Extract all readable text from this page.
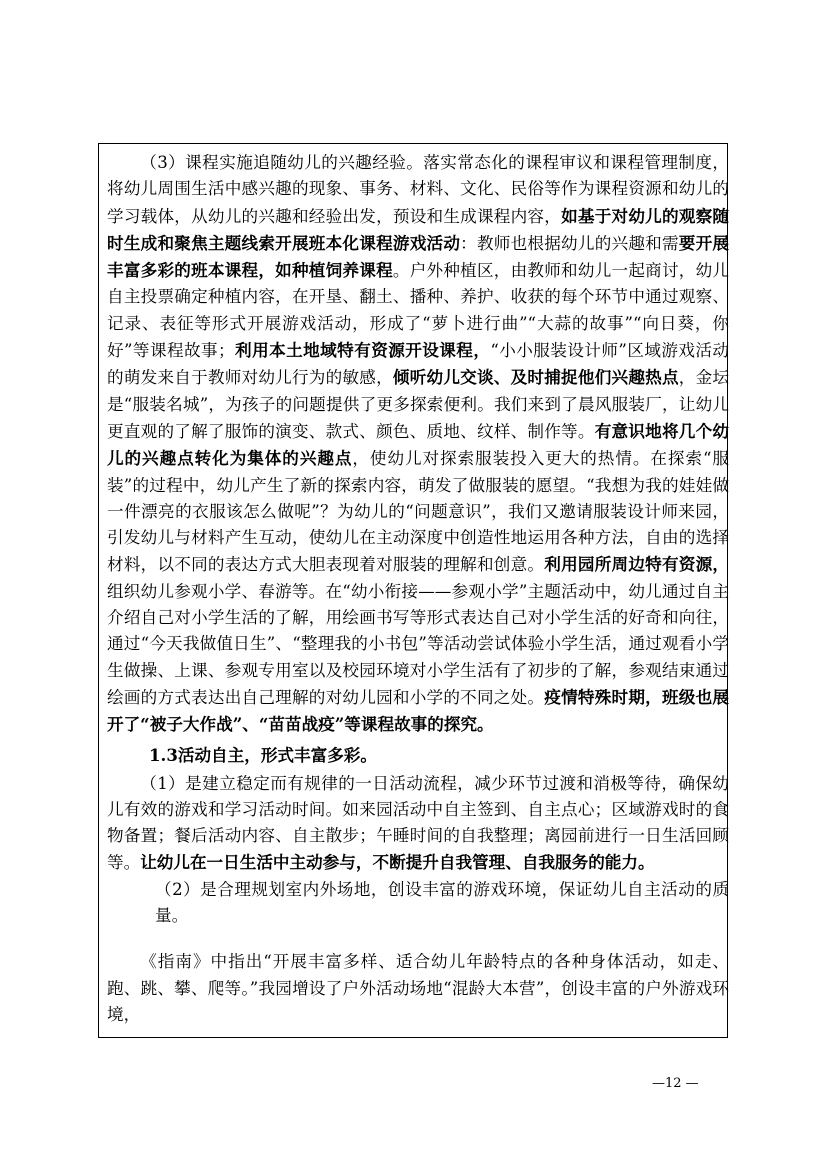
（3）课程实施追随幼儿的兴趣经验。落实常态化的课程审议和课程管理制度，将幼儿周围生活中感兴趣的现象、事务、材料、文化、民俗等作为课程资源和幼儿的学习载体，从幼儿的兴趣和经验出发，预设和生成课程内容，如基于对幼儿的观察随时生成和聚焦主题线索开展班本化课程游戏活动：教师也根据幼儿的兴趣和需要开展丰富多彩的班本课程，如种植饲养课程。户外种植区，由教师和幼儿一起商讨，幼儿自主投票确定种植内容，在开垦、翻土、播种、养护、收获的每个环节中通过观察、记录、表征等形式开展游戏活动，形成了“萝卜进行曲”“大蒜的故事”“向日葵，你好”等课程故事；利用本土地域特有资源开设课程，“小小服装设计师”区域游戏活动的萌发来自于教师对幼儿行为的敏感，倾听幼儿交谈、及时捕捉他们兴趣热点，金坛是“服装名城”，为孩子的问题提供了更多探索便利。我们来到了晨风服装厂，让幼儿更直观的了解了服饰的演变、款式、颜色、质地、纹样、制作等。有意识地将几个幼儿的兴趣点转化为集体的兴趣点，使幼儿对探索服装投入更大的热情。在探索“服装”的过程中，幼儿产生了新的探索内容，萌发了做服装的愿望。“我想为我的娃娃做一件漂亮的衣服该怎么做呢”？为幼儿的“问题意识”，我们又邀请服装设计师来园，引发幼儿与材料产生互动，使幼儿在主动深度中创造性地运用各种方法，自由的选择材料，以不同的表达方式大胆表现着对服装的理解和创意。利用园所周边特有资源，组织幼儿参观小学、春游等。在“幼小衔接——参观小学”主题活动中，幼儿通过自主介绍自己对小学生活的了解，用绘画书写等形式表达自己对小学生活的好奇和向往，通过“今天我做值日生”、“整理我的小书包”等活动尝试体验小学生活，通过观看小学生做操、上课、参观专用室以及校园环境对小学生活有了初步的了解，参观结束通过绘画的方式表达出自己理解的对幼儿园和小学的不同之处。疫情特殊时期，班级也展开了“被子大作战”、“苗苗战疫”等课程故事的探究。

1.3活动自主，形式丰富多彩。

（1）是建立稳定而有规律的一日活动流程，减少环节过渡和消极等待，确保幼儿有效的游戏和学习活动时间。如来园活动中自主签到、自主点心；区域游戏时的食物备置；餐后活动内容、自主散步；午睡时间的自我整理；离园前进行一日生活回顾等。让幼儿在一日生活中主动参与，不断提升自我管理、自我服务的能力。

（2）是合理规划室内外场地，创设丰富的游戏环境，保证幼儿自主活动的质量。

《指南》中指出“开展丰富多样、适合幼儿年龄特点的各种身体活动，如走、跑、跳、攀、爬等。”我园增设了户外活动场地“混龄大本营”，创设丰富的户外游戏环境，

—12 —
